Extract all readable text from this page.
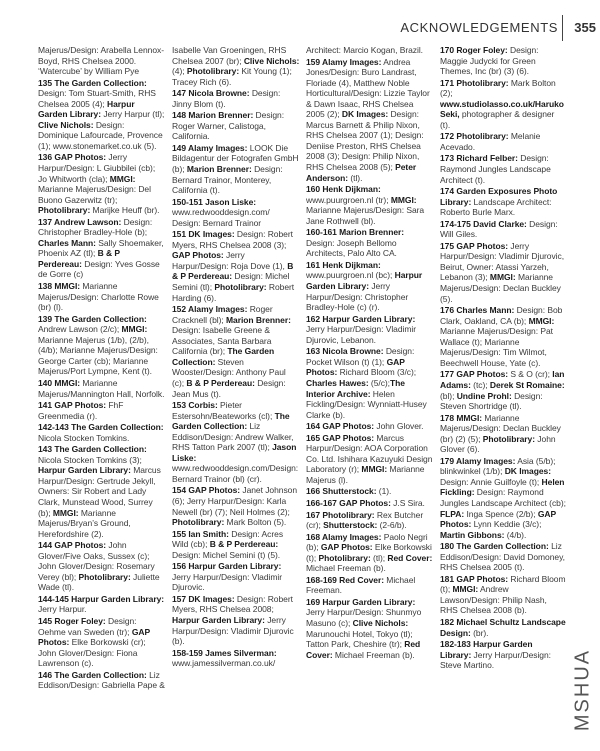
ACKNOWLEDGEMENTS 355
Majerus/Design: Arabella Lennox-Boyd, RHS Chelsea 2000. ‘Watercube’ by William Pye
135 The Garden Collection: Design: Tom Stuart-Smith, RHS Chelsea 2005 (4); Harpur Garden Library: Jerry Harpur (tl); Clive Nichols: Design: Dominique Lafourcade, Provence (1); www.stonemarket.co.uk (5).
136 GAP Photos: Jerry Harpur/Design: L Giubbilei (cb); Jo Whitworth (cla); MMGI: Marianne Majerus/Design: Del Buono Gazerwitz (tr); Photolibrary: Marijke Heuff (br).
137 Andrew Lawson: Design: Christopher Bradley-Hole (b); Charles Mann: Sally Shoemaker, Phoenix AZ (tl); B & P Perdereau: Design: Yves Gosse de Gorre (c)
138 MMGI: Marianne Majerus/Design: Charlotte Rowe (br) (l).
139 The Garden Collection: Andrew Lawson (2/c); MMGI: Marianne Majerus (1/b), (2/b), (4/b); Marianne Majerus/Design: George Carter (cb); Marianne Majerus/Port Lympne, Kent (t).
140 MMGI: Marianne Majerus/Mannington Hall, Norfolk.
141 GAP Photos: FhF Greenmedia (r).
142-143 The Garden Collection: Nicola Stocken Tomkins.
143 The Garden Collection: Nicola Stocken Tomkins (3); Harpur Garden Library: Marcus Harpur/Design: Gertrude Jekyll, Owners: Sir Robert and Lady Clark, Munstead Wood, Surrey (b); MMGI: Marianne Majerus/Bryan’s Ground, Herefordshire (2).
144 GAP Photos: John Glover/Five Oaks, Sussex (c); John Glover/Design: Rosemary Verey (bl); Photolibrary: Juliette Wade (tl).
144-145 Harpur Garden Library: Jerry Harpur.
145 Roger Foley: Design: Oehme van Sweden (tr); GAP Photos: Elke Borkowski (cr); John Glover/Design: Fiona Lawrenson (c).
146 The Garden Collection: Liz Eddison/Design: Gabriella Pape &
Isabelle Van Groeningen, RHS Chelsea 2007 (br); Clive Nichols: (4); Photolibrary: Kit Young (1); Tracey Rich (6).
147 Nicola Browne: Design: Jinny Blom (t).
148 Marion Brenner: Design: Roger Warner, Calistoga, California.
149 Alamy Images: LOOK Die Bildagentur der Fotografen GmbH (b); Marion Brenner: Design: Bernard Trainor, Monterey, California (t).
150-151 Jason Liske: www.redwooddesign.com/ Design: Bernard Trainor
151 DK Images: Design: Robert Myers, RHS Chelsea 2008 (3); GAP Photos: Jerry Harpur/Design: Roja Dove (1), B & P Perdereau: Design: Michel Semini (tl); Photolibrary: Robert Harding (6).
152 Alamy Images: Roger Cracknell (bl); Marion Brenner: Design: Isabelle Greene & Associates, Santa Barbara California (br); The Garden Collection: Steven Wooster/Design: Anthony Paul (c); B & P Perdereau: Design: Jean Mus (t).
153 Corbis: Pieter Estersohn/Beateworks (cl); The Garden Collection: Liz Eddison/Design: Andrew Walker, RHS Tatton Park 2007 (tl); Jason Liske: www.redwooddesign.com/Design: Bernard Trainor (bl) (cr).
154 GAP Photos: Janet Johnson (6); Jerry Harpur/Design: Karla Newell (br) (7); Neil Holmes (2); Photolibrary: Mark Bolton (5).
155 Ian Smith: Design: Acres Wild (cb); B & P Perdereau: Design: Michel Semini (t) (5).
156 Harpur Garden Library: Jerry Harpur/Design: Vladimir Djurovic.
157 DK Images: Design: Robert Myers, RHS Chelsea 2008; Harpur Garden Library: Jerry Harpur/Design: Vladimir Djurovic (b).
158-159 James Silverman: www.jamessilverman.co.uk/
Architect: Marcio Kogan, Brazil.
159 Alamy Images: Andrea Jones/Design: Buro Landrast, Floriade (4), Matthew Noble Horticultural/Design: Lizzie Taylor & Dawn Isaac, RHS Chelsea 2005 (2); DK Images: Design: Marcus Barnett & Philip Nixon, RHS Chelsea 2007 (1); Design: Deniise Preston, RHS Chelsea 2008 (3); Design: Philip Nixon, RHS Chelsea 2008 (5); Peter Anderson: (tl).
160 Henk Dijkman: www.puurgroen.nl (tr); MMGI: Marianne Majerus/Design: Sara Jane Rothwell (bl).
160-161 Marion Brenner: Design: Joseph Bellomo Architects, Palo Alto CA.
161 Henk Dijkman: www.puurgroen.nl (bc); Harpur Garden Library: Jerry Harpur/Design: Christopher Bradley-Hole (c) (r).
162 Harpur Garden Library: Jerry Harpur/Design: Vladimir Djurovic, Lebanon.
163 Nicola Browne: Design: Pocket Wilson (t) (1); GAP Photos: Richard Bloom (3/c); Charles Hawes: (5/c);The Interior Archive: Helen Fickling/Design: Wynniatt-Husey Clarke (b).
164 GAP Photos: John Glover.
165 GAP Photos: Marcus Harpur/Design: AOA Corporation Co. Ltd. Ishihara Kazuyuki Design Laboratory (r); MMGI: Marianne Majerus (l).
166 Shutterstock: (1).
166-167 GAP Photos: J.S Sira.
167 Photolibrary: Rex Butcher (cr); Shutterstock: (2-6/b).
168 Alamy Images: Paolo Negri (b); GAP Photos: Elke Borkowski (t); Photolibrary: (tl); Red Cover: Michael Freeman (b).
168-169 Red Cover: Michael Freeman.
169 Harpur Garden Library: Jerry Harpur/Design: Shunmyo Masuno (c); Clive Nichols: Marunouchi Hotel, Tokyo (tl); Tatton Park, Cheshire (tr); Red Cover: Michael Freeman (b).
170 Roger Foley: Design: Maggie Judycki for Green Themes, Inc (br) (3) (6).
171 Photolibrary: Mark Bolton (2); www.studiolasso.co.uk/Haruko Seki, photographer & designer (t).
172 Photolibrary: Melanie Acevado.
173 Richard Felber: Design: Raymond Jungles Landscape Architect (t).
174 Garden Exposures Photo Library: Landscape Architect: Roberto Burle Marx.
174-175 David Clarke: Design: Will Giles.
175 GAP Photos: Jerry Harpur/Design: Vladimir Djurovic, Beirut, Owner: Atassi Yarzeh, Lebanon (3); MMGI: Marianne Majerus/Design: Declan Buckley (5).
176 Charles Mann: Design: Bob Clark, Oakland, CA (b); MMGI: Marianne Majerus/Design: Pat Wallace (t); Marianne Majerus/Design: Tim Wilmot, Beechwell House, Yate (c).
177 GAP Photos: S & O (cr); Ian Adams: (tc); Derek St Romaine: (bl); Undine Prohl: Design: Steven Shortridge (tl).
178 MMGI: Marianne Majerus/Design: Declan Buckley (br) (2) (5); Photolibrary: John Glover (6).
179 Alamy Images: Asia (5/b); blinkwinkel (1/b); DK Images: Design: Annie Guilfoyle (t); Helen Fickling: Design: Raymond Jungles Landscape Architect (cb); FLPA: Inga Spence (2/b); GAP Photos: Lynn Keddie (3/c); Martin Gibbons: (4/b).
180 The Garden Collection: Liz Eddison/Design: David Domoney, RHS Chelsea 2005 (t).
181 GAP Photos: Richard Bloom (t); MMGI: Andrew Lawson/Design: Philip Nash, RHS Chelsea 2008 (b).
182 Michael Schultz Landscape Design: (br).
182-183 Harpur Garden Library: Jerry Harpur/Design: Steve Martino.	MSHUA
